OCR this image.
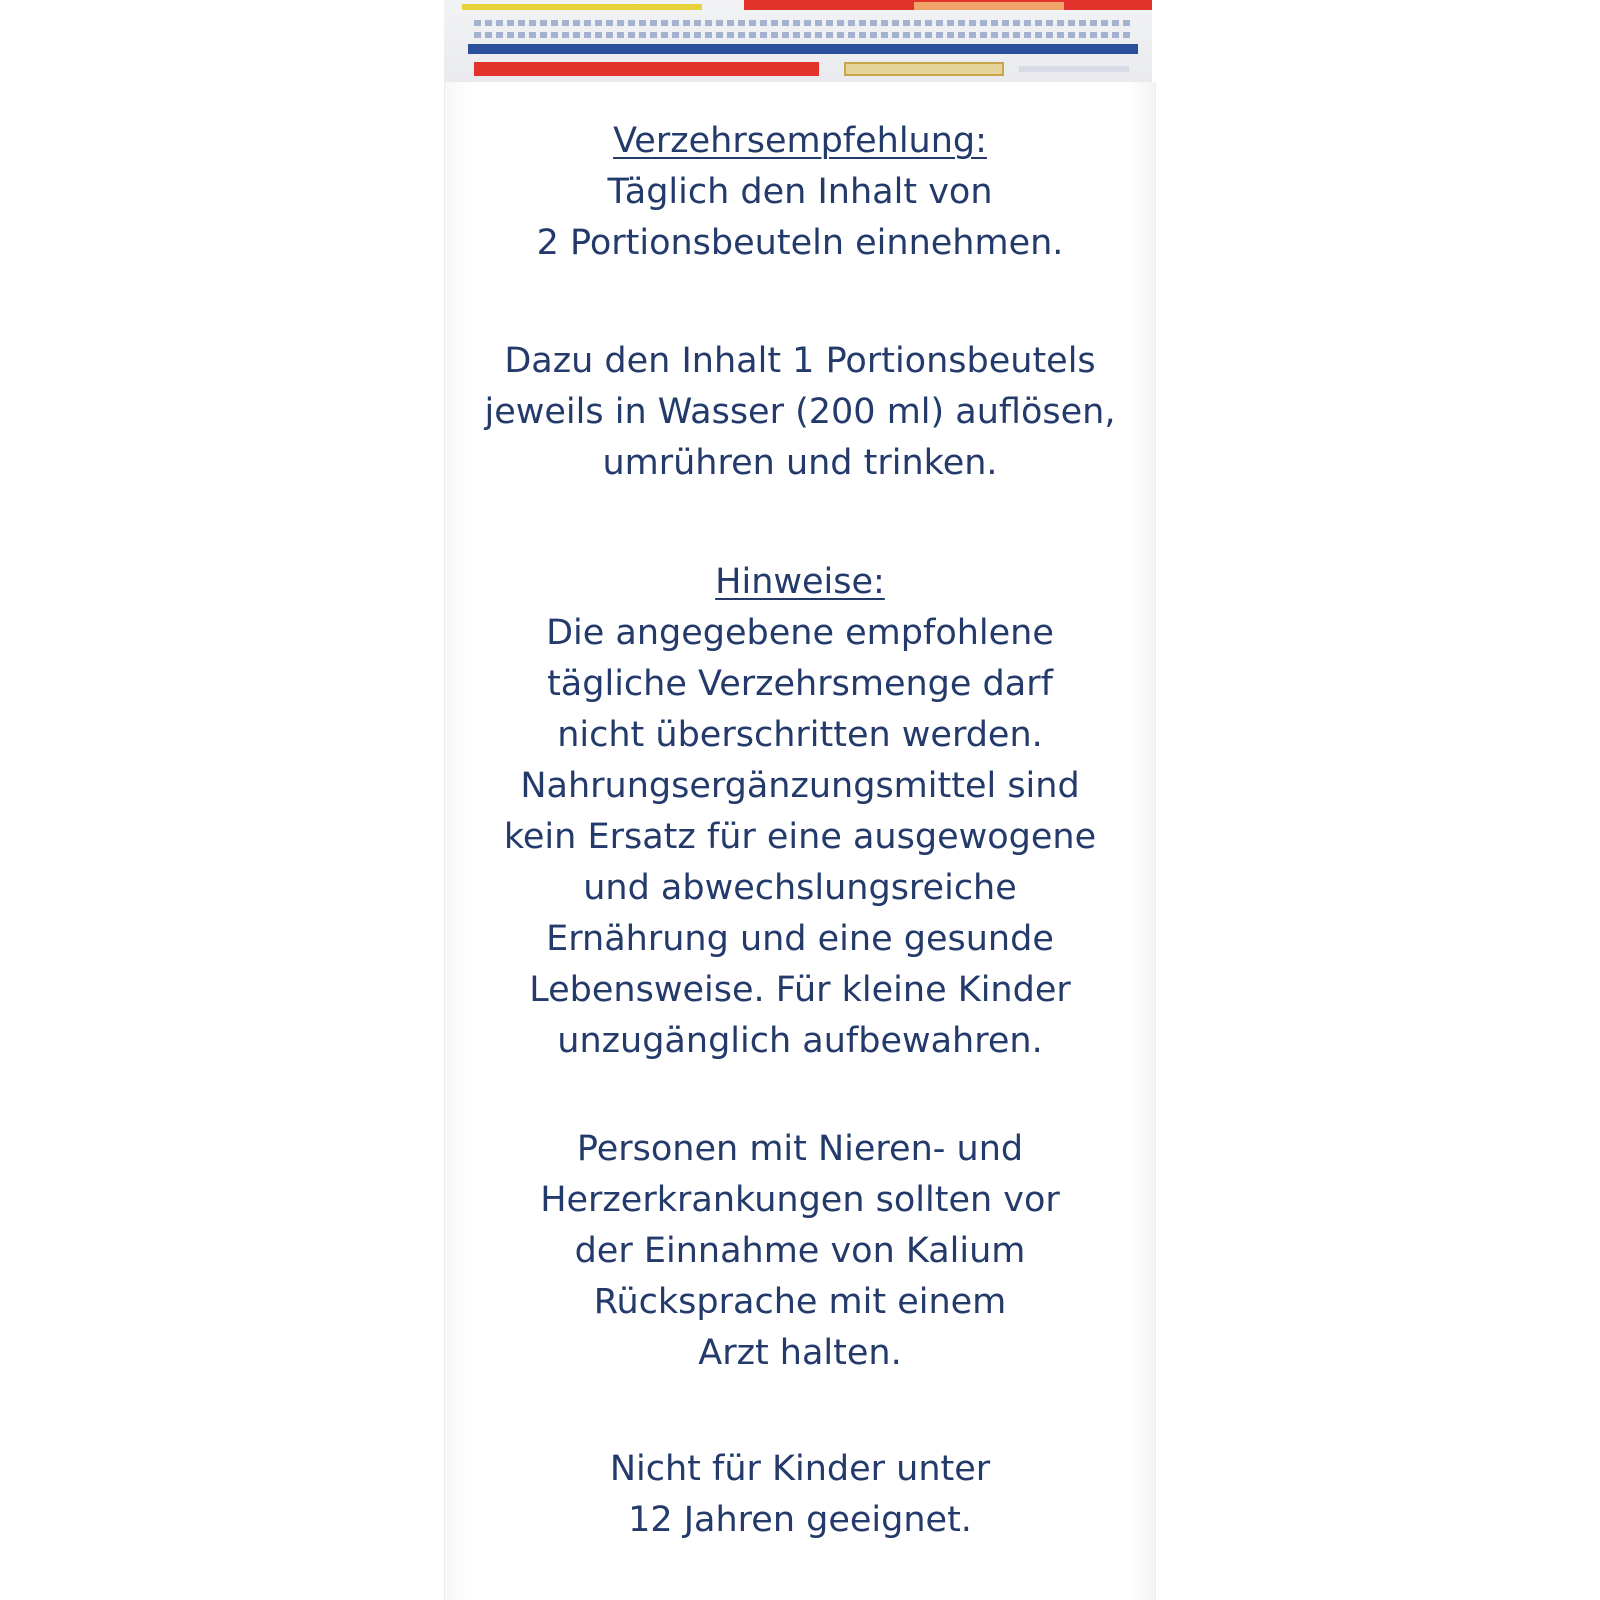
Verzehrsempfehlung:
Täglich den Inhalt von
2 Portionsbeuteln einnehmen.
Dazu den Inhalt 1 Portionsbeutels
jeweils in Wasser (200 ml) auflösen,
umrühren und trinken.
Hinweise:
Die angegebene empfohlene
tägliche Verzehrsmenge darf
nicht überschritten werden.
Nahrungsergänzungsmittel sind
kein Ersatz für eine ausgewogene
und abwechslungsreiche
Ernährung und eine gesunde
Lebensweise. Für kleine Kinder
unzugänglich aufbewahren.
Personen mit Nieren- und
Herzerkrankungen sollten vor
der Einnahme von Kalium
Rücksprache mit einem
Arzt halten.
Nicht für Kinder unter
12 Jahren geeignet.
